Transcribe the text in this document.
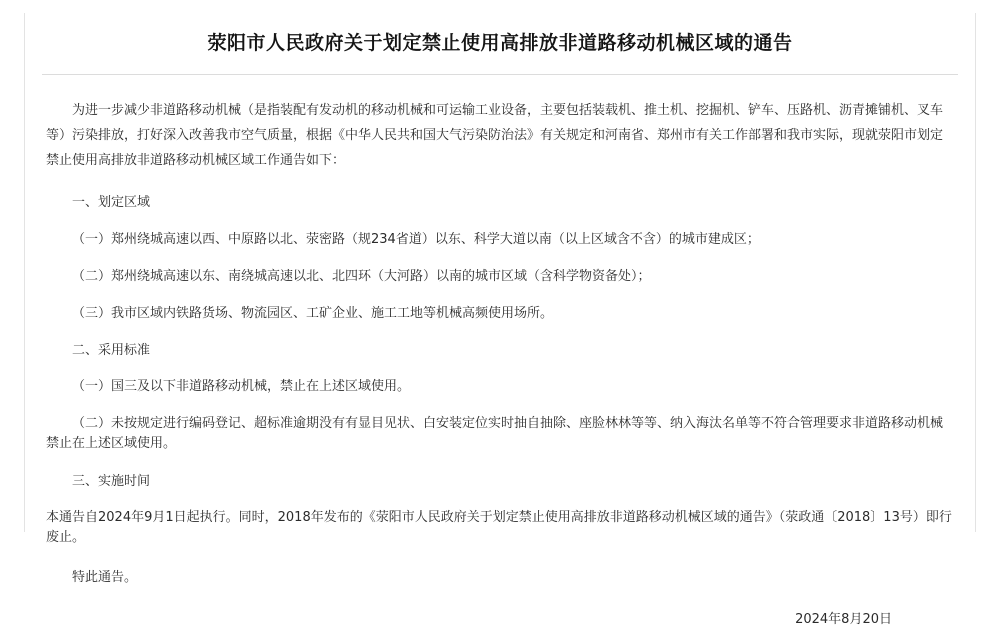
荥阳市人民政府关于划定禁止使用高排放非道路移动机械区域的通告

为进一步减少非道路移动机械（是指装配有发动机的移动机械和可运输工业设备，主要包括装载机、推土机、挖掘机、铲车、压路机、沥青摊铺机、叉车等）污染排放，打好深入改善我市空气质量，根据《中华人民共和国大气污染防治法》有关规定和河南省、郑州市有关工作部署和我市实际，现就荥阳市划定禁止使用高排放非道路移动机械区域工作通告如下：

一、划定区域

（一）郑州绕城高速以西、中原路以北、荥密路（规234省道）以东、科学大道以南（以上区域含不含）的城市建成区；

（二）郑州绕城高速以东、南绕城高速以北、北四环（大河路）以南的城市区域（含科学物资备处）；

（三）我市区域内铁路货场、物流园区、工矿企业、施工工地等机械高频使用场所。

二、采用标准

（一）国三及以下非道路移动机械，禁止在上述区域使用。

（二）未按规定进行编码登记、超标准逾期没有有显目见状、白安装定位实时抽自抽除、座脸林林等等、纳入海汰名单等不符合管理要求非道路移动机械禁止在上述区域使用。

三、实施时间

本通告自2024年9月1日起执行。同时，2018年发布的《荥阳市人民政府关于划定禁止使用高排放非道路移动机械区域的通告》（荥政通〔2018〕13号）即行废止。

特此通告。

2024年8月20日
